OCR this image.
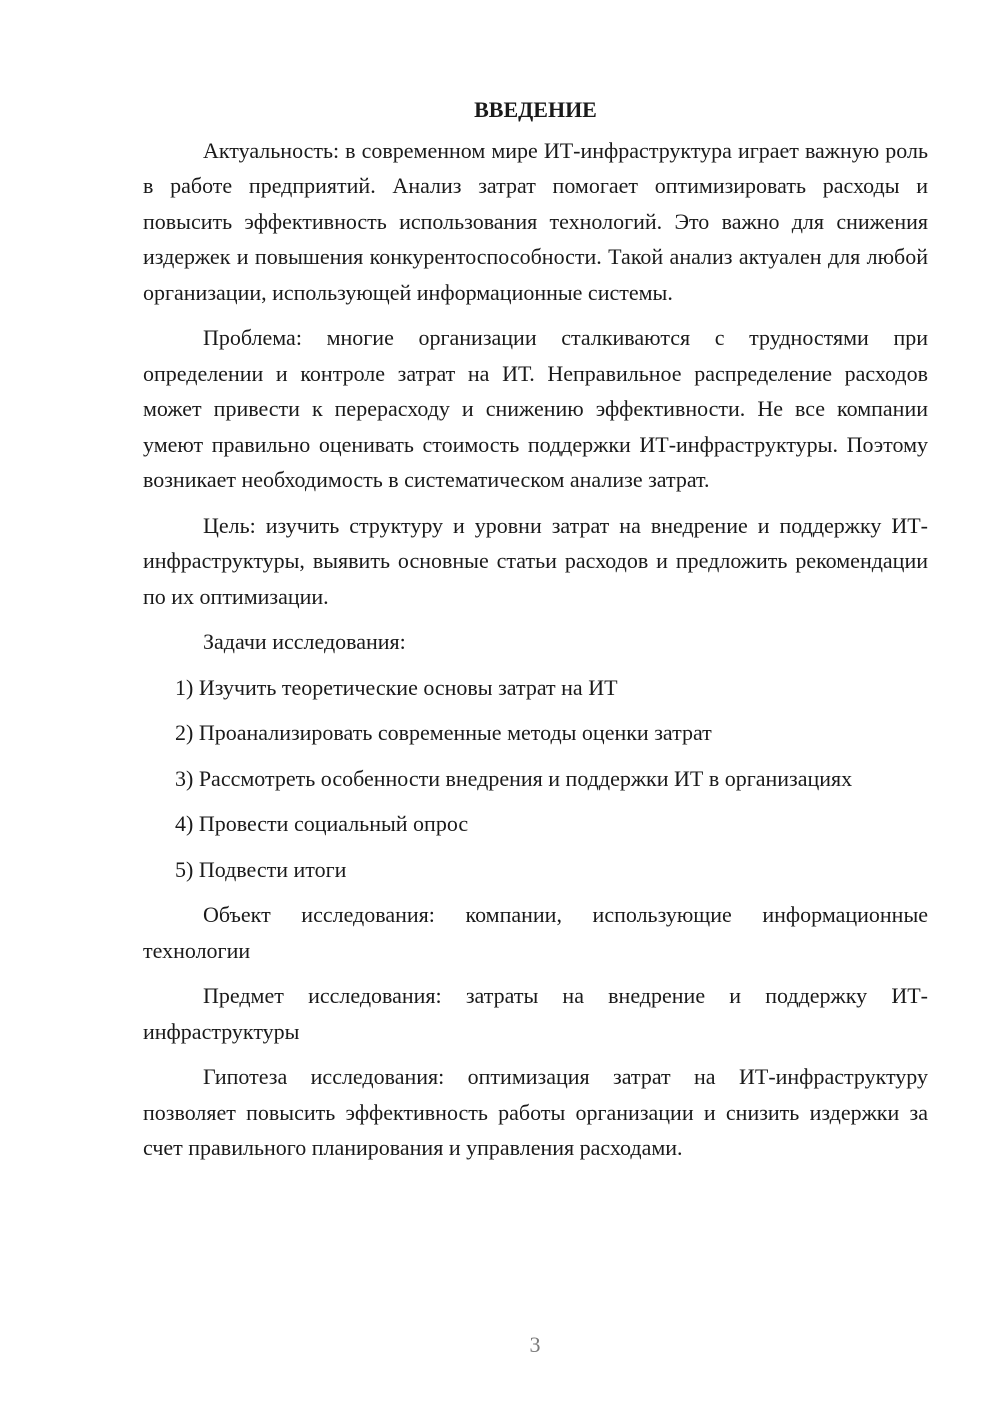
ВВЕДЕНИЕ

Актуальность: в современном мире ИТ-инфраструктура играет важную роль в работе предприятий. Анализ затрат помогает оптимизировать расходы и повысить эффективность использования технологий. Это важно для снижения издержек и повышения конкурентоспособности. Такой анализ актуален для любой организации, использующей информационные системы.

Проблема: многие организации сталкиваются с трудностями при определении и контроле затрат на ИТ. Неправильное распределение расходов может привести к перерасходу и снижению эффективности. Не все компании умеют правильно оценивать стоимость поддержки ИТ-инфраструктуры. Поэтому возникает необходимость в систематическом анализе затрат.

Цель: изучить структуру и уровни затрат на внедрение и поддержку ИТ-инфраструктуры, выявить основные статьи расходов и предложить рекомендации по их оптимизации.

Задачи исследования:

1) Изучить теоретические основы затрат на ИТ

2) Проанализировать современные методы оценки затрат

3) Рассмотреть особенности внедрения и поддержки ИТ в организациях

4) Провести социальный опрос

5) Подвести итоги

Объект исследования: компании, использующие информационные технологии

Предмет исследования: затраты на внедрение и поддержку ИТ-инфраструктуры

Гипотеза исследования: оптимизация затрат на ИТ-инфраструктуру позволяет повысить эффективность работы организации и снизить издержки за счет правильного планирования и управления расходами.

3
